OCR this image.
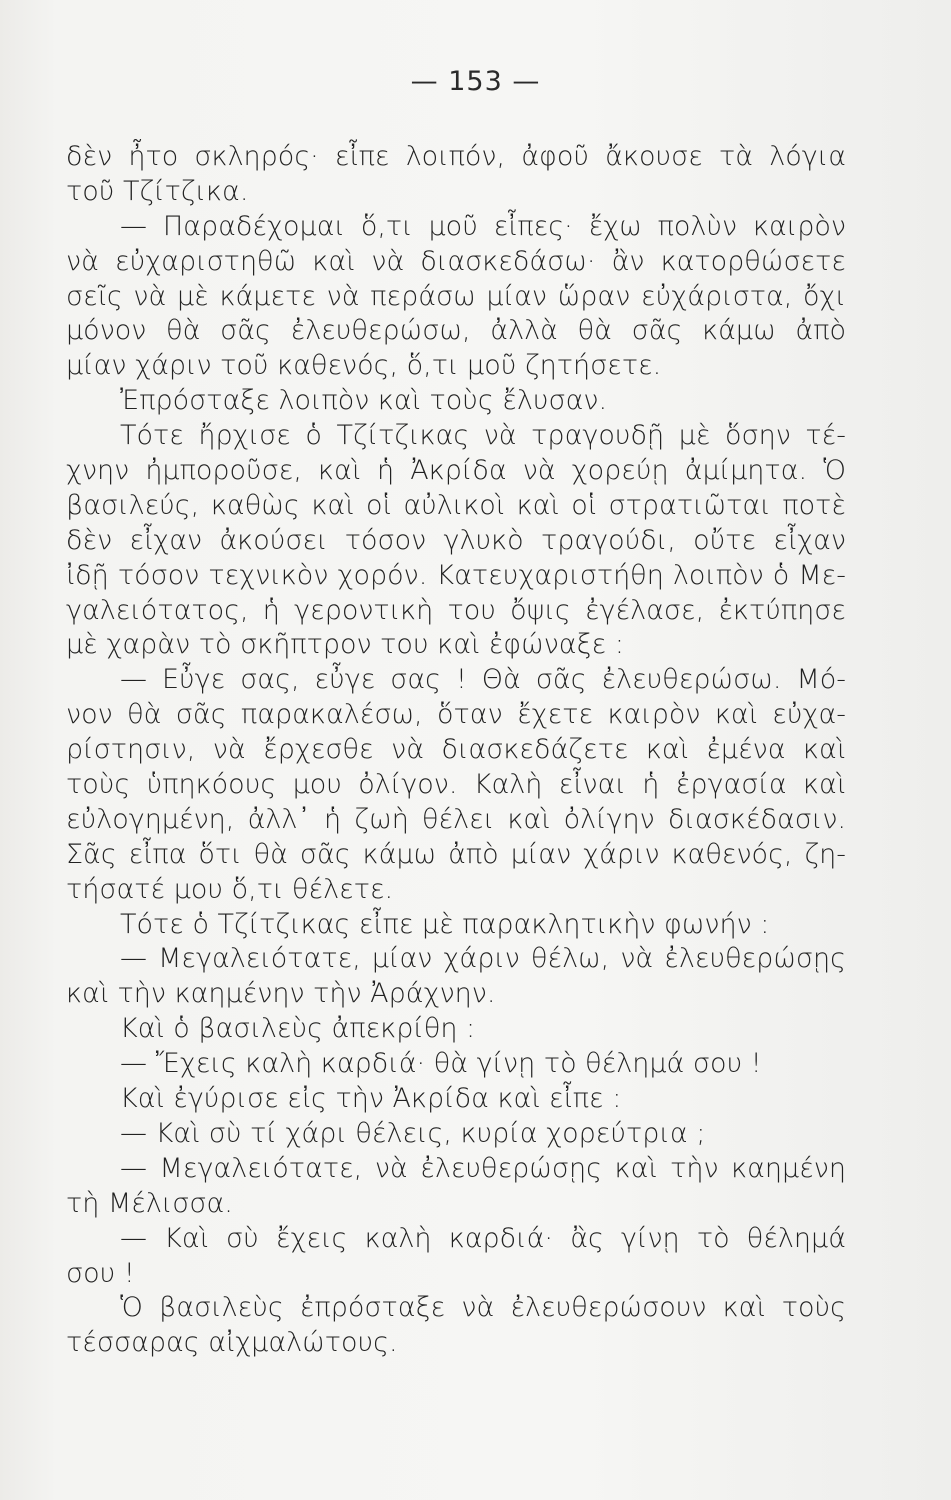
— 153 —
δὲν ἦτο σκληρός· εἶπε λοιπόν, ἀφοῦ ἄκουσε τὰ λόγια
τοῦ Τζίτζικα.
— Παραδέχομαι ὅ,τι μοῦ εἶπες· ἔχω πολὺν καιρὸν
νὰ εὐχαριστηθῶ καὶ νὰ διασκεδάσω· ἂν κατορθώσετε
σεῖς νὰ μὲ κάμετε νὰ περάσω μίαν ὥραν εὐχάριστα, ὄχι
μόνον θὰ σᾶς ἐλευθερώσω, ἀλλὰ θὰ σᾶς κάμω ἀπὸ
μίαν χάριν τοῦ καθενός, ὅ,τι μοῦ ζητήσετε.
Ἐπρόσταξε λοιπὸν καὶ τοὺς ἔλυσαν.
Τότε ἤρχισε ὁ Τζίτζικας νὰ τραγουδῇ μὲ ὅσην τέ-
χνην ἠμποροῦσε, καὶ ἡ Ἀκρίδα νὰ χορεύῃ ἀμίμητα. Ὁ
βασιλεύς, καθὼς καὶ οἱ αὐλικοὶ καὶ οἱ στρατιῶται ποτὲ
δὲν εἶχαν ἀκούσει τόσον γλυκὸ τραγούδι, οὔτε εἶχαν
ἰδῇ τόσον τεχνικὸν χορόν. Κατευχαριστήθη λοιπὸν ὁ Με-
γαλειότατος, ἡ γεροντικὴ του ὄψις ἐγέλασε, ἐκτύπησε
μὲ χαρὰν τὸ σκῆπτρον του καὶ ἐφώναξε :
— Εὖγε σας, εὖγε σας ! Θὰ σᾶς ἐλευθερώσω. Μό-
νον θὰ σᾶς παρακαλέσω, ὅταν ἔχετε καιρὸν καὶ εὐχα-
ρίστησιν, νὰ ἔρχεσθε νὰ διασκεδάζετε καὶ ἐμένα καὶ
τοὺς ὑπηκόους μου ὀλίγον. Καλὴ εἶναι ἡ ἐργασία καὶ
εὐλογημένη, ἀλλ᾽ ἡ ζωὴ θέλει καὶ ὀλίγην διασκέδασιν.
Σᾶς εἶπα ὅτι θὰ σᾶς κάμω ἀπὸ μίαν χάριν καθενός, ζη-
τήσατέ μου ὅ,τι θέλετε.
Τότε ὁ Τζίτζικας εἶπε μὲ παρακλητικὴν φωνήν :
— Μεγαλειότατε, μίαν χάριν θέλω, νὰ ἐλευθερώσῃς
καὶ τὴν καημένην τὴν Ἀράχνην.
Καὶ ὁ βασιλεὺς ἀπεκρίθη :
— Ἔχεις καλὴ καρδιά· θὰ γίνῃ τὸ θέλημά σου !
Καὶ ἐγύρισε εἰς τὴν Ἀκρίδα καὶ εἶπε :
— Καὶ σὺ τί χάρι θέλεις, κυρία χορεύτρια ;
— Μεγαλειότατε, νὰ ἐλευθερώσῃς καὶ τὴν καημένη
τὴ Μέλισσα.
— Καὶ σὺ ἔχεις καλὴ καρδιά· ἂς γίνῃ τὸ θέλημά
σου !
Ὁ βασιλεὺς ἐπρόσταξε νὰ ἐλευθερώσουν καὶ τοὺς
τέσσαρας αἰχμαλώτους.
